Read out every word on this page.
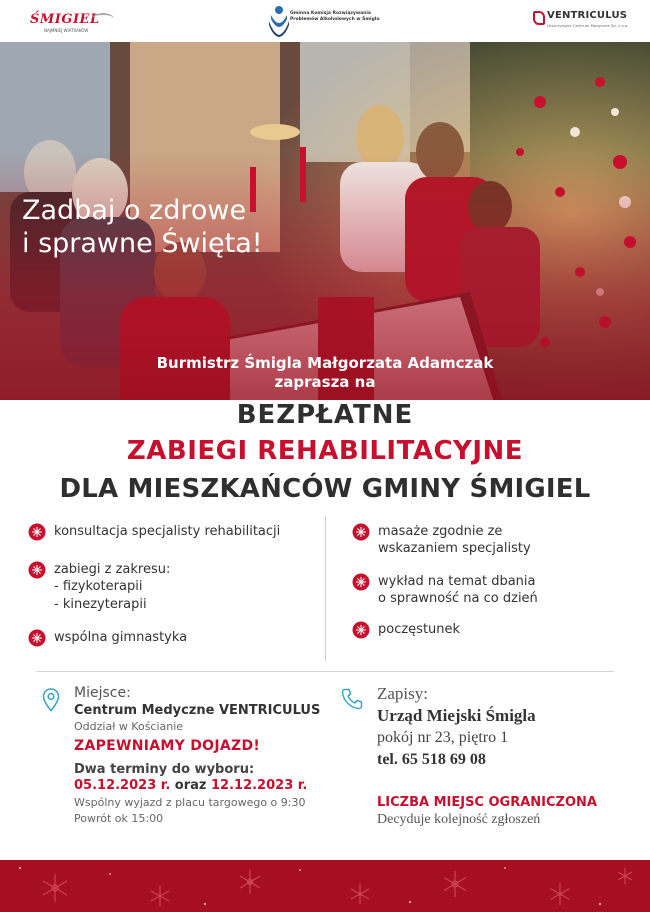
ŚMIGIEL
NAJMNIEJ WIATRAKÓW
Gminna Komisja Rozwiązywania Problemów Alkoholowych w Śmiglu	VENTRICULUS
Leszczyńskie Centrum Medyczne Sp. z o.o.
Zadbaj o zdrowe
i sprawne Święta!
Burmistrz Śmigla Małgorzata Adamczak
zaprasza na
BEZPŁATNE
ZABIEGI REHABILITACYJNE
DLA MIESZKAŃCÓW GMINY ŚMIGIEL
konsultacja specjalisty rehabilitacji
zabiegi z zakresu:
- fizykoterapii
- kinezyterapii
wspólna gimnastyka
masaże zgodnie ze
wskazaniem specjalisty
wykład na temat dbania
o sprawność na co dzień
poczęstunek
Miejsce:
Centrum Medyczne VENTRICULUS
Oddział w Kościanie
ZAPEWNIAMY DOJAZD!
Dwa terminy do wyboru:
05.12.2023 r. oraz 12.12.2023 r.
Wspólny wyjazd z placu targowego o 9:30
Powrót ok 15:00
Zapisy:
Urząd Miejski Śmigla
pokój nr 23, piętro 1
tel. 65 518 69 08
LICZBA MIEJSC OGRANICZONA
Decyduje kolejność zgłoszeń
